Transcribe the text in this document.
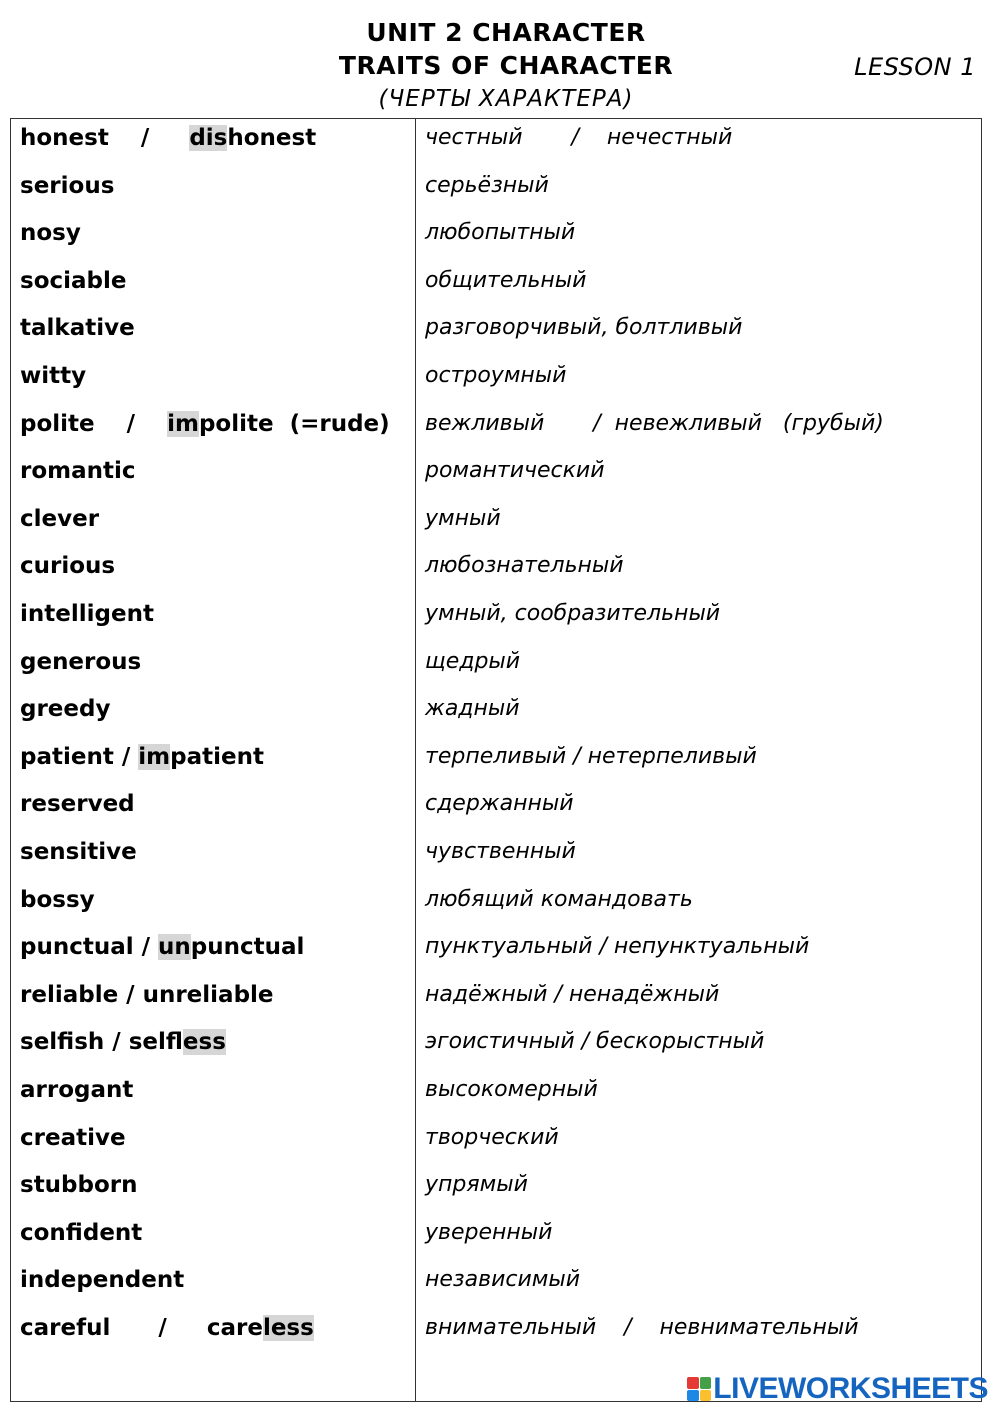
UNIT 2 CHARACTER
TRAITS OF CHARACTER
(ЧЕРТЫ ХАРАКТЕРА)
LESSON 1
honest    /     dishonest	честный       /    нечестный
serious	серьёзный
nosy	любопытный
sociable	общительный
talkative	разговорчивый, болтливый
witty	остроумный
polite    /    impolite  (=rude) вежливый       /  невежливый   (грубый)
romantic	романтический
clever	умный
curious	любознательный
intelligent	умный, сообразительный
generous	щедрый
greedy	жадный
patient / impatient	терпеливый / нетерпеливый
reserved	сдержанный
sensitive	чувственный
bossy	любящий командовать
punctual / unpunctual	пунктуальный / непунктуальный
reliable / unreliable	надёжный / ненадёжный
selfish / selfless	эгоистичный / бескорыстный
arrogant	высокомерный
creative	творческий
stubborn	упрямый
confident	уверенный
independent	независимый
careful      /     careless	внимательный    /    невнимательный
LIVEWORKSHEETS
